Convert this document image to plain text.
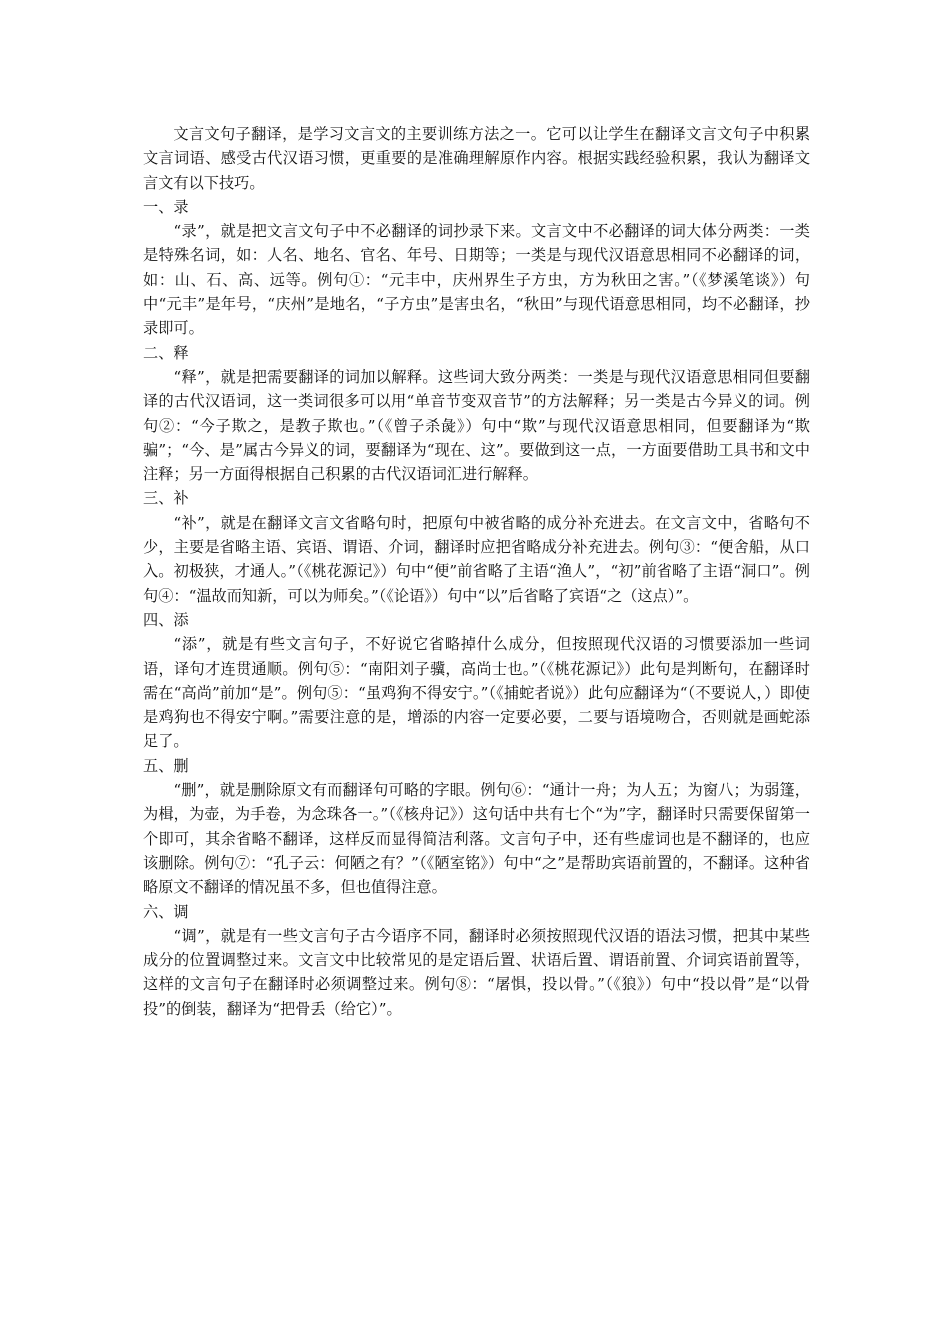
文言文句子翻译，是学习文言文的主要训练方法之一。它可以让学生在翻译文言文句子中积累文言词语、感受古代汉语习惯，更重要的是准确理解原作内容。根据实践经验积累，我认为翻译文言文有以下技巧。

一、录

“录”，就是把文言文句子中不必翻译的词抄录下来。文言文中不必翻译的词大体分两类：一类是特殊名词，如：人名、地名、官名、年号、日期等；一类是与现代汉语意思相同不必翻译的词，如：山、石、高、远等。例句①：“元丰中，庆州界生子方虫，方为秋田之害。”（《梦溪笔谈》）句中“元丰”是年号，“庆州”是地名，“子方虫”是害虫名，“秋田”与现代语意思相同，均不必翻译，抄录即可。

二、释

“释”，就是把需要翻译的词加以解释。这些词大致分两类：一类是与现代汉语意思相同但要翻译的古代汉语词，这一类词很多可以用“单音节变双音节”的方法解释；另一类是古今异义的词。例句②：“今子欺之，是教子欺也。”（《曾子杀彘》）句中“欺”与现代汉语意思相同，但要翻译为“欺骗”；“今、是”属古今异义的词，要翻译为“现在、这”。要做到这一点，一方面要借助工具书和文中注释；另一方面得根据自己积累的古代汉语词汇进行解释。

三、补

“补”，就是在翻译文言文省略句时，把原句中被省略的成分补充进去。在文言文中，省略句不少，主要是省略主语、宾语、谓语、介词，翻译时应把省略成分补充进去。例句③：“便舍船，从口入。初极狭，才通人。”（《桃花源记》）句中“便”前省略了主语“渔人”，“初”前省略了主语“洞口”。例句④：“温故而知新，可以为师矣。”（《论语》）句中“以”后省略了宾语“之（这点）”。

四、添

“添”，就是有些文言句子，不好说它省略掉什么成分，但按照现代汉语的习惯要添加一些词语，译句才连贯通顺。例句⑤：“南阳刘子骥，高尚士也。”（《桃花源记》）此句是判断句，在翻译时需在“高尚”前加“是”。例句⑤：“虽鸡狗不得安宁。”（《捕蛇者说》）此句应翻译为“（不要说人，）即使是鸡狗也不得安宁啊。”需要注意的是，增添的内容一定要必要，二要与语境吻合，否则就是画蛇添足了。

五、删

“删”，就是删除原文有而翻译句可略的字眼。例句⑥：“通计一舟；为人五；为窗八；为弱篷，为楫，为壶，为手卷，为念珠各一。”（《核舟记》）这句话中共有七个“为”字，翻译时只需要保留第一个即可，其余省略不翻译，这样反而显得简洁利落。文言句子中，还有些虚词也是不翻译的，也应该删除。例句⑦：“孔子云：何陋之有？”（《陋室铭》）句中“之”是帮助宾语前置的，不翻译。这种省略原文不翻译的情况虽不多，但也值得注意。

六、调

“调”，就是有一些文言句子古今语序不同，翻译时必须按照现代汉语的语法习惯，把其中某些成分的位置调整过来。文言文中比较常见的是定语后置、状语后置、谓语前置、介词宾语前置等，这样的文言句子在翻译时必须调整过来。例句⑧：“屠惧，投以骨。”（《狼》）句中“投以骨”是“以骨投”的倒装，翻译为“把骨丢（给它）”。
